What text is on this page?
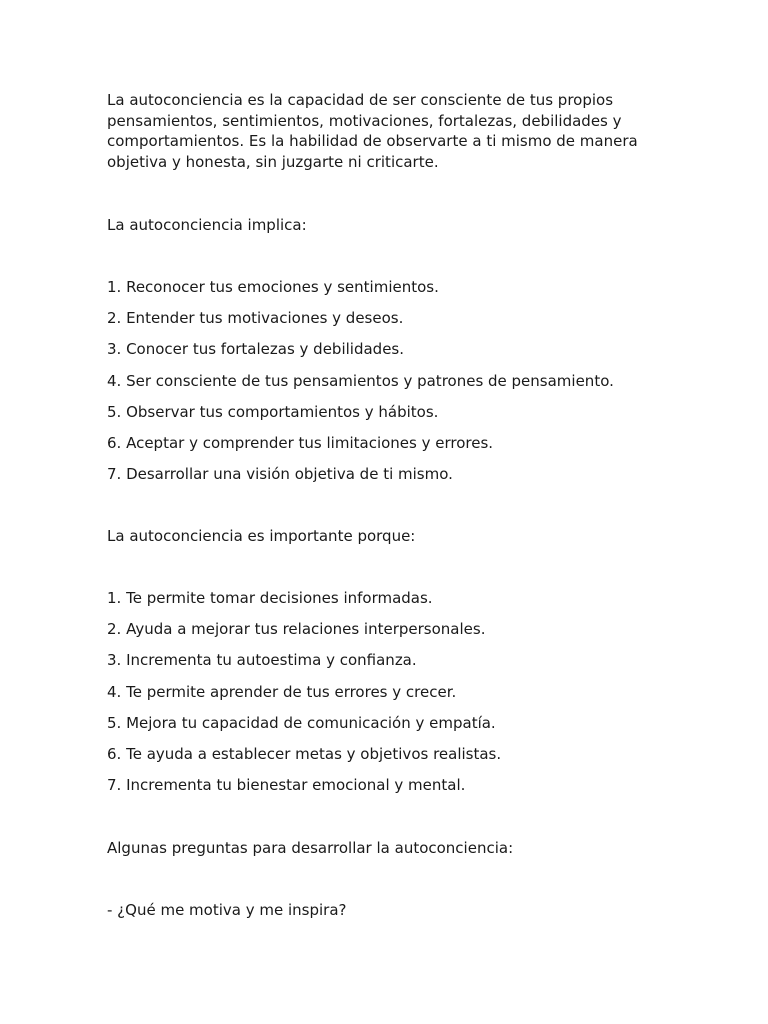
La autoconciencia es la capacidad de ser consciente de tus propios pensamientos, sentimientos, motivaciones, fortalezas, debilidades y comportamientos. Es la habilidad de observarte a ti mismo de manera objetiva y honesta, sin juzgarte ni criticarte.

La autoconciencia implica:

1. Reconocer tus emociones y sentimientos.
2. Entender tus motivaciones y deseos.
3. Conocer tus fortalezas y debilidades.
4. Ser consciente de tus pensamientos y patrones de pensamiento.
5. Observar tus comportamientos y hábitos.
6. Aceptar y comprender tus limitaciones y errores.
7. Desarrollar una visión objetiva de ti mismo.

La autoconciencia es importante porque:

1. Te permite tomar decisiones informadas.
2. Ayuda a mejorar tus relaciones interpersonales.
3. Incrementa tu autoestima y confianza.
4. Te permite aprender de tus errores y crecer.
5. Mejora tu capacidad de comunicación y empatía.
6. Te ayuda a establecer metas y objetivos realistas.
7. Incrementa tu bienestar emocional y mental.

Algunas preguntas para desarrollar la autoconciencia:

- ¿Qué me motiva y me inspira?
